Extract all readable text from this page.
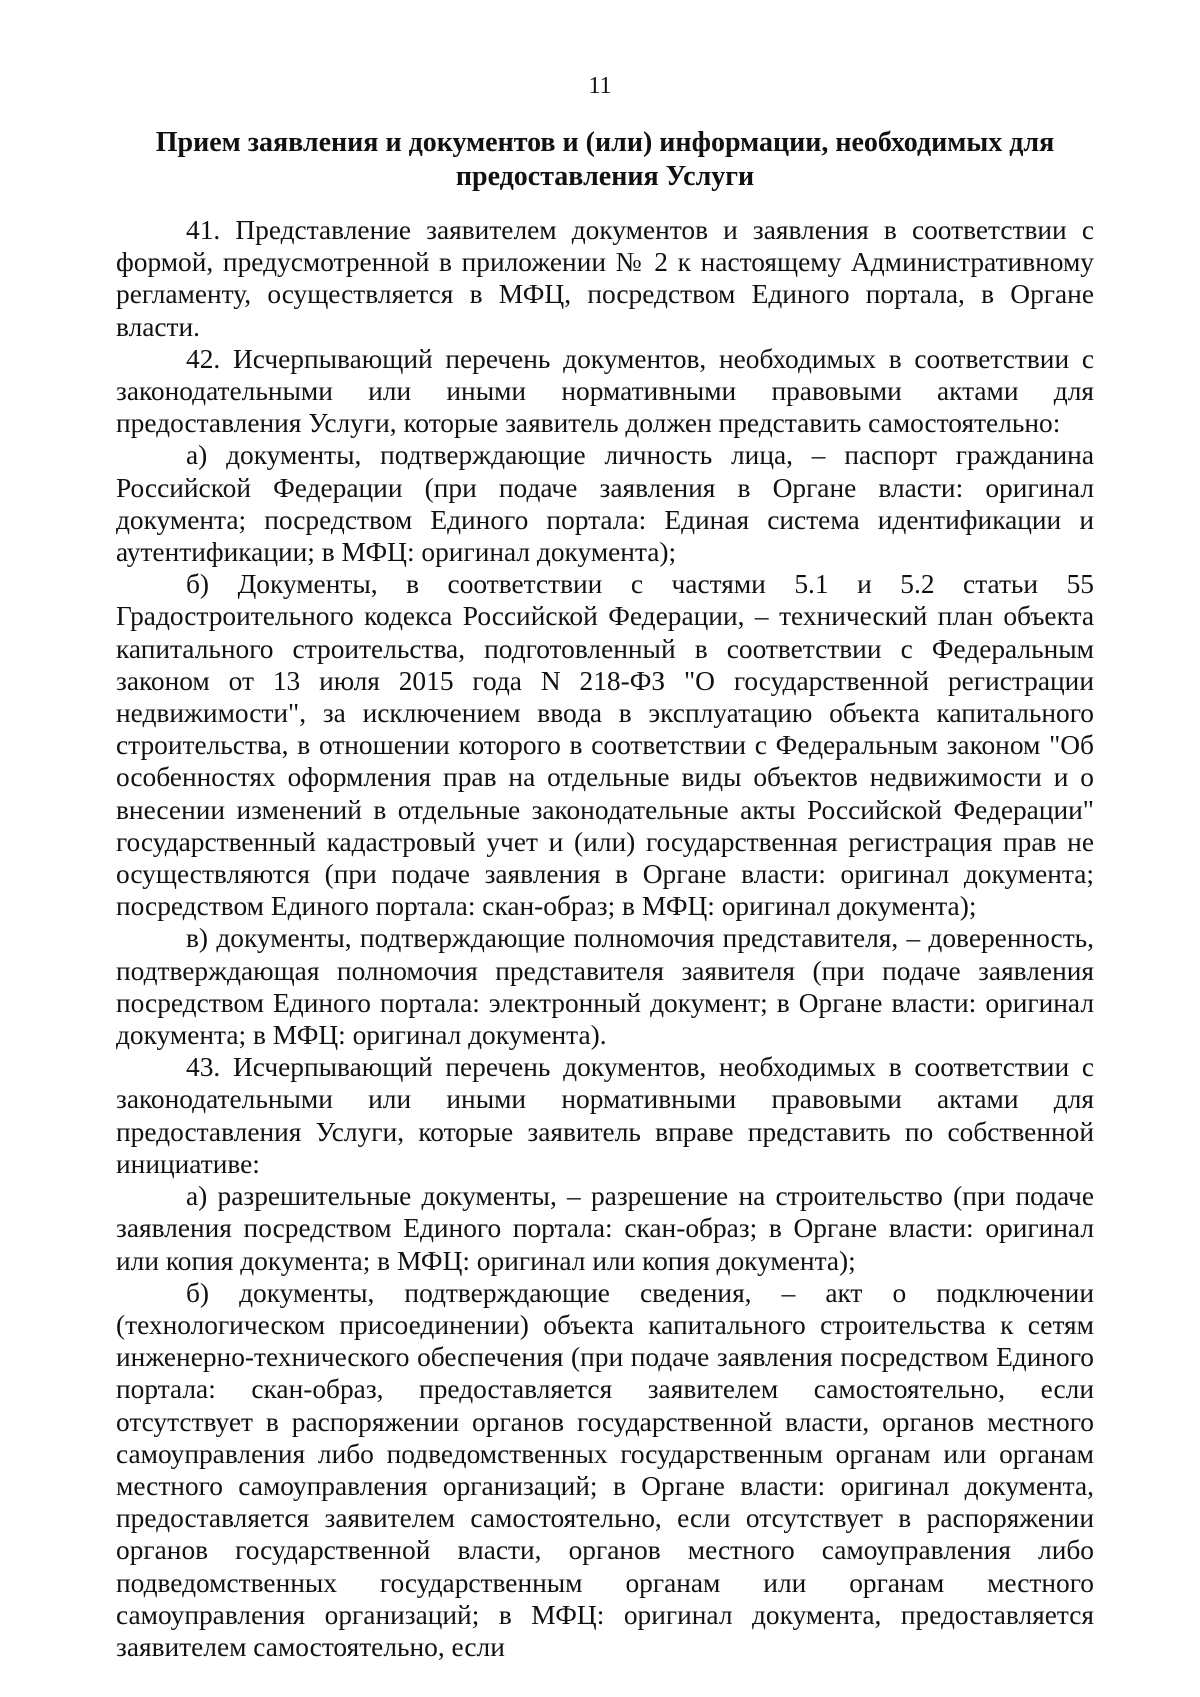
11
Прием заявления и документов и (или) информации, необходимых для
предоставления Услуги

41. Представление заявителем документов и заявления в соответствии с формой, предусмотренной в приложении № 2 к настоящему Административному регламенту, осуществляется в МФЦ, посредством Единого портала, в Органе власти.

42. Исчерпывающий перечень документов, необходимых в соответствии с законодательными или иными нормативными правовыми актами для предоставления Услуги, которые заявитель должен представить самостоятельно:

а) документы, подтверждающие личность лица, – паспорт гражданина Российской Федерации (при подаче заявления в Органе власти: оригинал документа; посредством Единого портала: Единая система идентификации и аутентификации; в МФЦ: оригинал документа);

б) Документы, в соответствии с частями 5.1 и 5.2 статьи 55 Градостроительного кодекса Российской Федерации, – технический план объекта капитального строительства, подготовленный в соответствии с Федеральным законом от 13 июля 2015 года N 218-ФЗ "О государственной регистрации недвижимости", за исключением ввода в эксплуатацию объекта капитального строительства, в отношении которого в соответствии с Федеральным законом "Об особенностях оформления прав на отдельные виды объектов недвижимости и о внесении изменений в отдельные законодательные акты Российской Федерации" государственный кадастровый учет и (или) государственная регистрация прав не осуществляются (при подаче заявления в Органе власти: оригинал документа; посредством Единого портала: скан-образ; в МФЦ: оригинал документа);

в) документы, подтверждающие полномочия представителя, – доверенность, подтверждающая полномочия представителя заявителя (при подаче заявления посредством Единого портала: электронный документ; в Органе власти: оригинал документа; в МФЦ: оригинал документа).

43. Исчерпывающий перечень документов, необходимых в соответствии с законодательными или иными нормативными правовыми актами для предоставления Услуги, которые заявитель вправе представить по собственной инициативе:

а) разрешительные документы, – разрешение на строительство (при подаче заявления посредством Единого портала: скан-образ; в Органе власти: оригинал или копия документа; в МФЦ: оригинал или копия документа);

б) документы, подтверждающие сведения, – акт о подключении (технологическом присоединении) объекта капитального строительства к сетям инженерно-технического обеспечения (при подаче заявления посредством Единого портала: скан-образ, предоставляется заявителем самостоятельно, если отсутствует в распоряжении органов государственной власти, органов местного самоуправления либо подведомственных государственным органам или органам местного самоуправления организаций; в Органе власти: оригинал документа, предоставляется заявителем самостоятельно, если отсутствует в распоряжении органов государственной власти, органов местного самоуправления либо подведомственных государственным органам или органам местного самоуправления организаций; в МФЦ: оригинал документа, предоставляется заявителем самостоятельно, если
